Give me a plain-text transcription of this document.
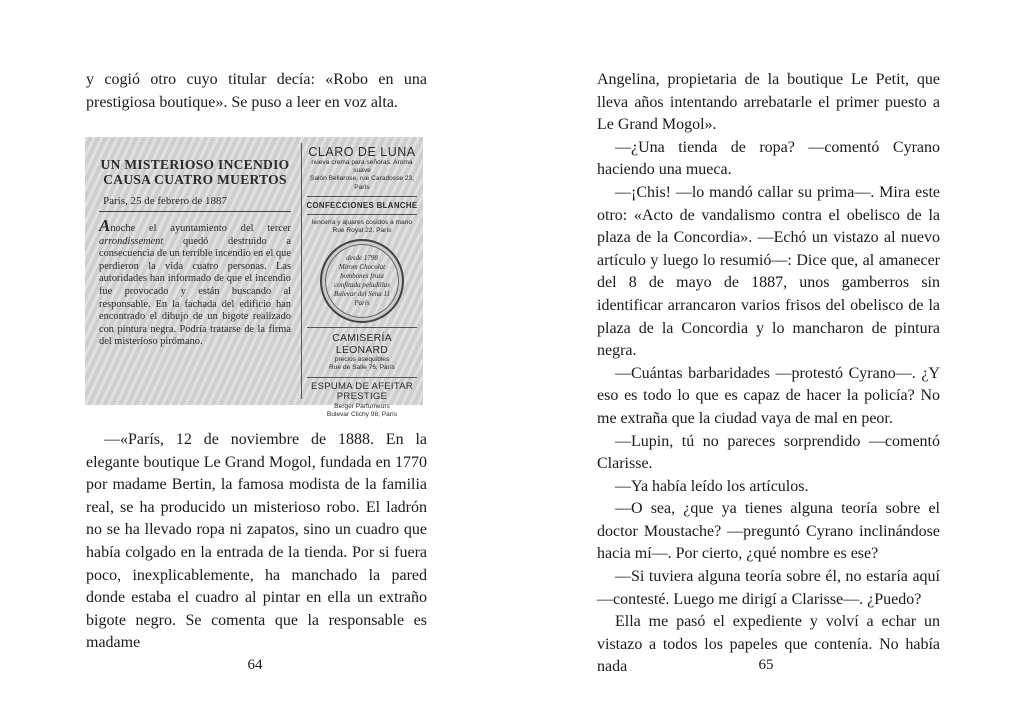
y cogió otro cuyo titular decía: «Robo en una prestigiosa boutique». Se puso a leer en voz alta.

UN MISTERIOSO INCENDIO
CAUSA CUATRO MUERTOS
París, 25 de febrero de 1887
Anoche el ayuntamiento del tercer arrondissement quedó destruido a consecuencia de un terrible incendio en el que perdieron la vida cuatro personas. Las autoridades han informado de que el incendio fue provocado y están buscando al responsable. En la fachada del edificio han encontrado el dibujo de un bigote realizado con pintura negra. Podría tratarse de la firma del misterioso pirómano.
CLARO DE LUNA
nueva crema para señoras. Aroma suave
Salón Bellarose, rue Caradosse 23, París
CONFECCIONES BLANCHE
lencería y ajuares cosidos a mano
Rue Royal 22, París
desde 1798
Mirom Chocolat
bombones fruta
confitada peladillas
Bulevar del Sena 11
París
CAMISERÍA LEONARD
precios asequibles
Rue de Salle 76, París
ESPUMA DE AFEITAR
PRESTIGE
Berger Parfumeurs
Bulevar Clichy 98, París

—«París, 12 de noviembre de 1888. En la elegante boutique Le Grand Mogol, fundada en 1770 por madame Bertin, la famosa modista de la familia real, se ha producido un misterioso robo. El ladrón no se ha llevado ropa ni zapatos, sino un cuadro que había colgado en la entrada de la tienda. Por si fuera poco, inexplicablemente, ha manchado la pared donde estaba el cuadro al pintar en ella un extraño bigote negro. Se comenta que la responsable es madame

64

Angelina, propietaria de la boutique Le Petit, que lleva años intentando arrebatarle el primer puesto a Le Grand Mogol».

—¿Una tienda de ropa? —comentó Cyrano haciendo una mueca.

—¡Chis! —lo mandó callar su prima—. Mira este otro: «Acto de vandalismo contra el obelisco de la plaza de la Concordia». —Echó un vistazo al nuevo artículo y luego lo resumió—: Dice que, al amanecer del 8 de mayo de 1887, unos gamberros sin identificar arrancaron varios frisos del obelisco de la plaza de la Concordia y lo mancharon de pintura negra.

—Cuántas barbaridades —protestó Cyrano—. ¿Y eso es todo lo que es capaz de hacer la policía? No me extraña que la ciudad vaya de mal en peor.

—Lupin, tú no pareces sorprendido —comentó Clarisse.

—Ya había leído los artículos.

—O sea, ¿que ya tienes alguna teoría sobre el doctor Moustache? —preguntó Cyrano inclinándose hacia mí—. Por cierto, ¿qué nombre es ese?

—Si tuviera alguna teoría sobre él, no estaría aquí —contesté. Luego me dirigí a Clarisse—. ¿Puedo?

Ella me pasó el expediente y volví a echar un vistazo a todos los papeles que contenía. No había nada	65
